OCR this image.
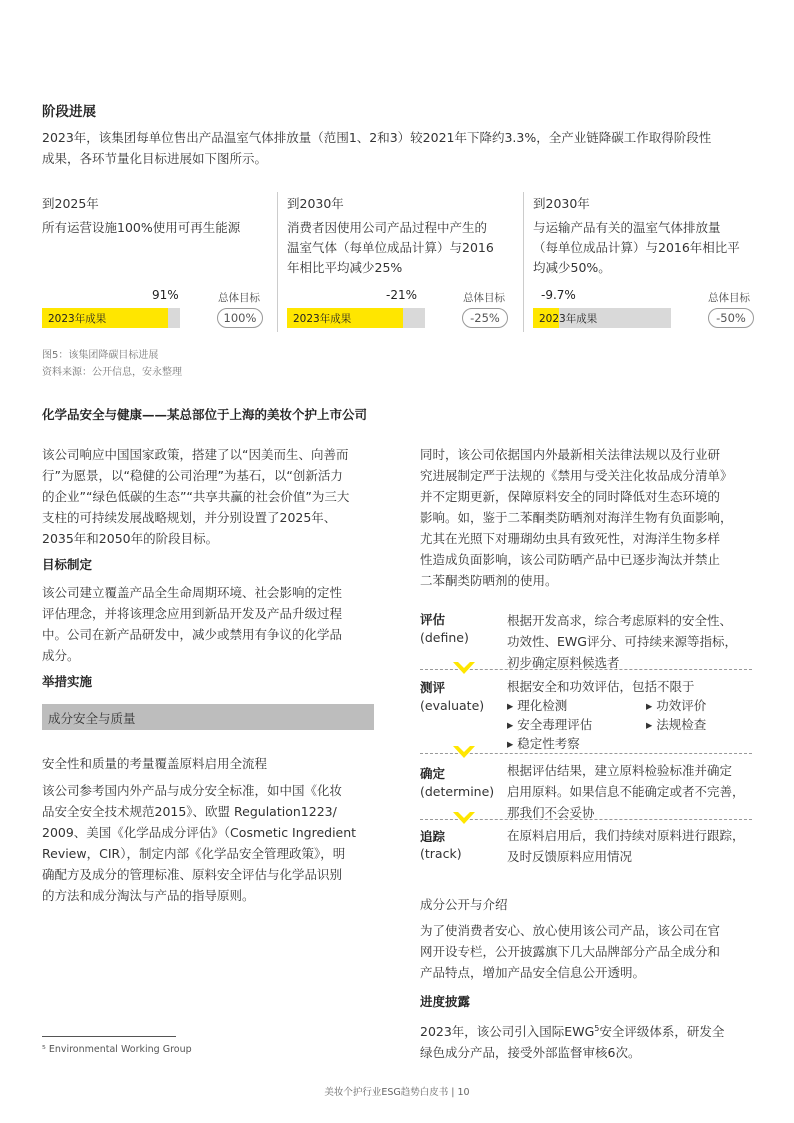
阶段进展
2023年，该集团每单位售出产品温室气体排放量（范围1、2和3）较2021年下降约3.3%，全产业链降碳工作取得阶段性
成果，各环节量化目标进展如下图所示。
到2025年
所有运营设施100%使用可再生能源
91%	总体目标
2023年成果	100%
到2030年
消费者因使用公司产品过程中产生的
温室气体（每单位成品计算）与2016
年相比平均减少25%
-21%	总体目标
2023年成果	-25%
到2030年
与运输产品有关的温室气体排放量
（每单位成品计算）与2016年相比平
均减少50%。
-9.7%	总体目标
2023年成果	-50%
图5：该集团降碳目标进展
资料来源：公开信息，安永整理
化学品安全与健康——某总部位于上海的美妆个护上市公司
该公司响应中国国家政策，搭建了以“因美而生、向善而
行”为愿景，以“稳健的公司治理”为基石，以“创新活力
的企业”“绿色低碳的生态”“共享共赢的社会价值”为三大
支柱的可持续发展战略规划，并分别设置了2025年、
2035年和2050年的阶段目标。
目标制定
该公司建立覆盖产品全生命周期环境、社会影响的定性
评估理念，并将该理念应用到新品开发及产品升级过程
中。公司在新产品研发中，减少或禁用有争议的化学品
成分。
举措实施
成分安全与质量
安全性和质量的考量覆盖原料启用全流程
该公司参考国内外产品与成分安全标准，如中国《化妆
品安全安全技术规范2015》、欧盟 Regulation1223/
2009、美国《化学品成分评估》（Cosmetic Ingredient
Review，CIR），制定内部《化学品安全管理政策》，明
确配方及成分的管理标准、原料安全评估与化学品识别
的方法和成分淘汰与产品的指导原则。
⁵ Environmental Working Group
同时，该公司依据国内外最新相关法律法规以及行业研
究进展制定严于法规的《禁用与受关注化妆品成分清单》
并不定期更新，保障原料安全的同时降低对生态环境的
影响。如，鉴于二苯酮类防晒剂对海洋生物有负面影响，
尤其在光照下对珊瑚幼虫具有致死性，对海洋生物多样
性造成负面影响，该公司防晒产品中已逐步淘汰并禁止
二苯酮类防晒剂的使用。
评估
(define)
根据开发高求，综合考虑原料的安全性、
功效性、EWG评分、可持续来源等指标，
初步确定原料候选者
测评
(evaluate)
根据安全和功效评估，包括不限于
▸ 理化检测	▸ 功效评价
▸ 安全毒理评估	▸ 法规检查
▸ 稳定性考察
确定
(determine)
根据评估结果，建立原料检验标准并确定
启用原料。如果信息不能确定或者不完善，
那我们不会妥协
追踪
(track)
在原料启用后，我们持续对原料进行跟踪，
及时反馈原料应用情况
成分公开与介绍
为了使消费者安心、放心使用该公司产品，该公司在官
网开设专栏，公开披露旗下几大品牌部分产品全成分和
产品特点，增加产品安全信息公开透明。
进度披露
2023年，该公司引入国际EWG$^5$安全评级体系，研发全
绿色成分产品，接受外部监督审核6次。
美妆个护行业ESG趋势白皮书 | 10
